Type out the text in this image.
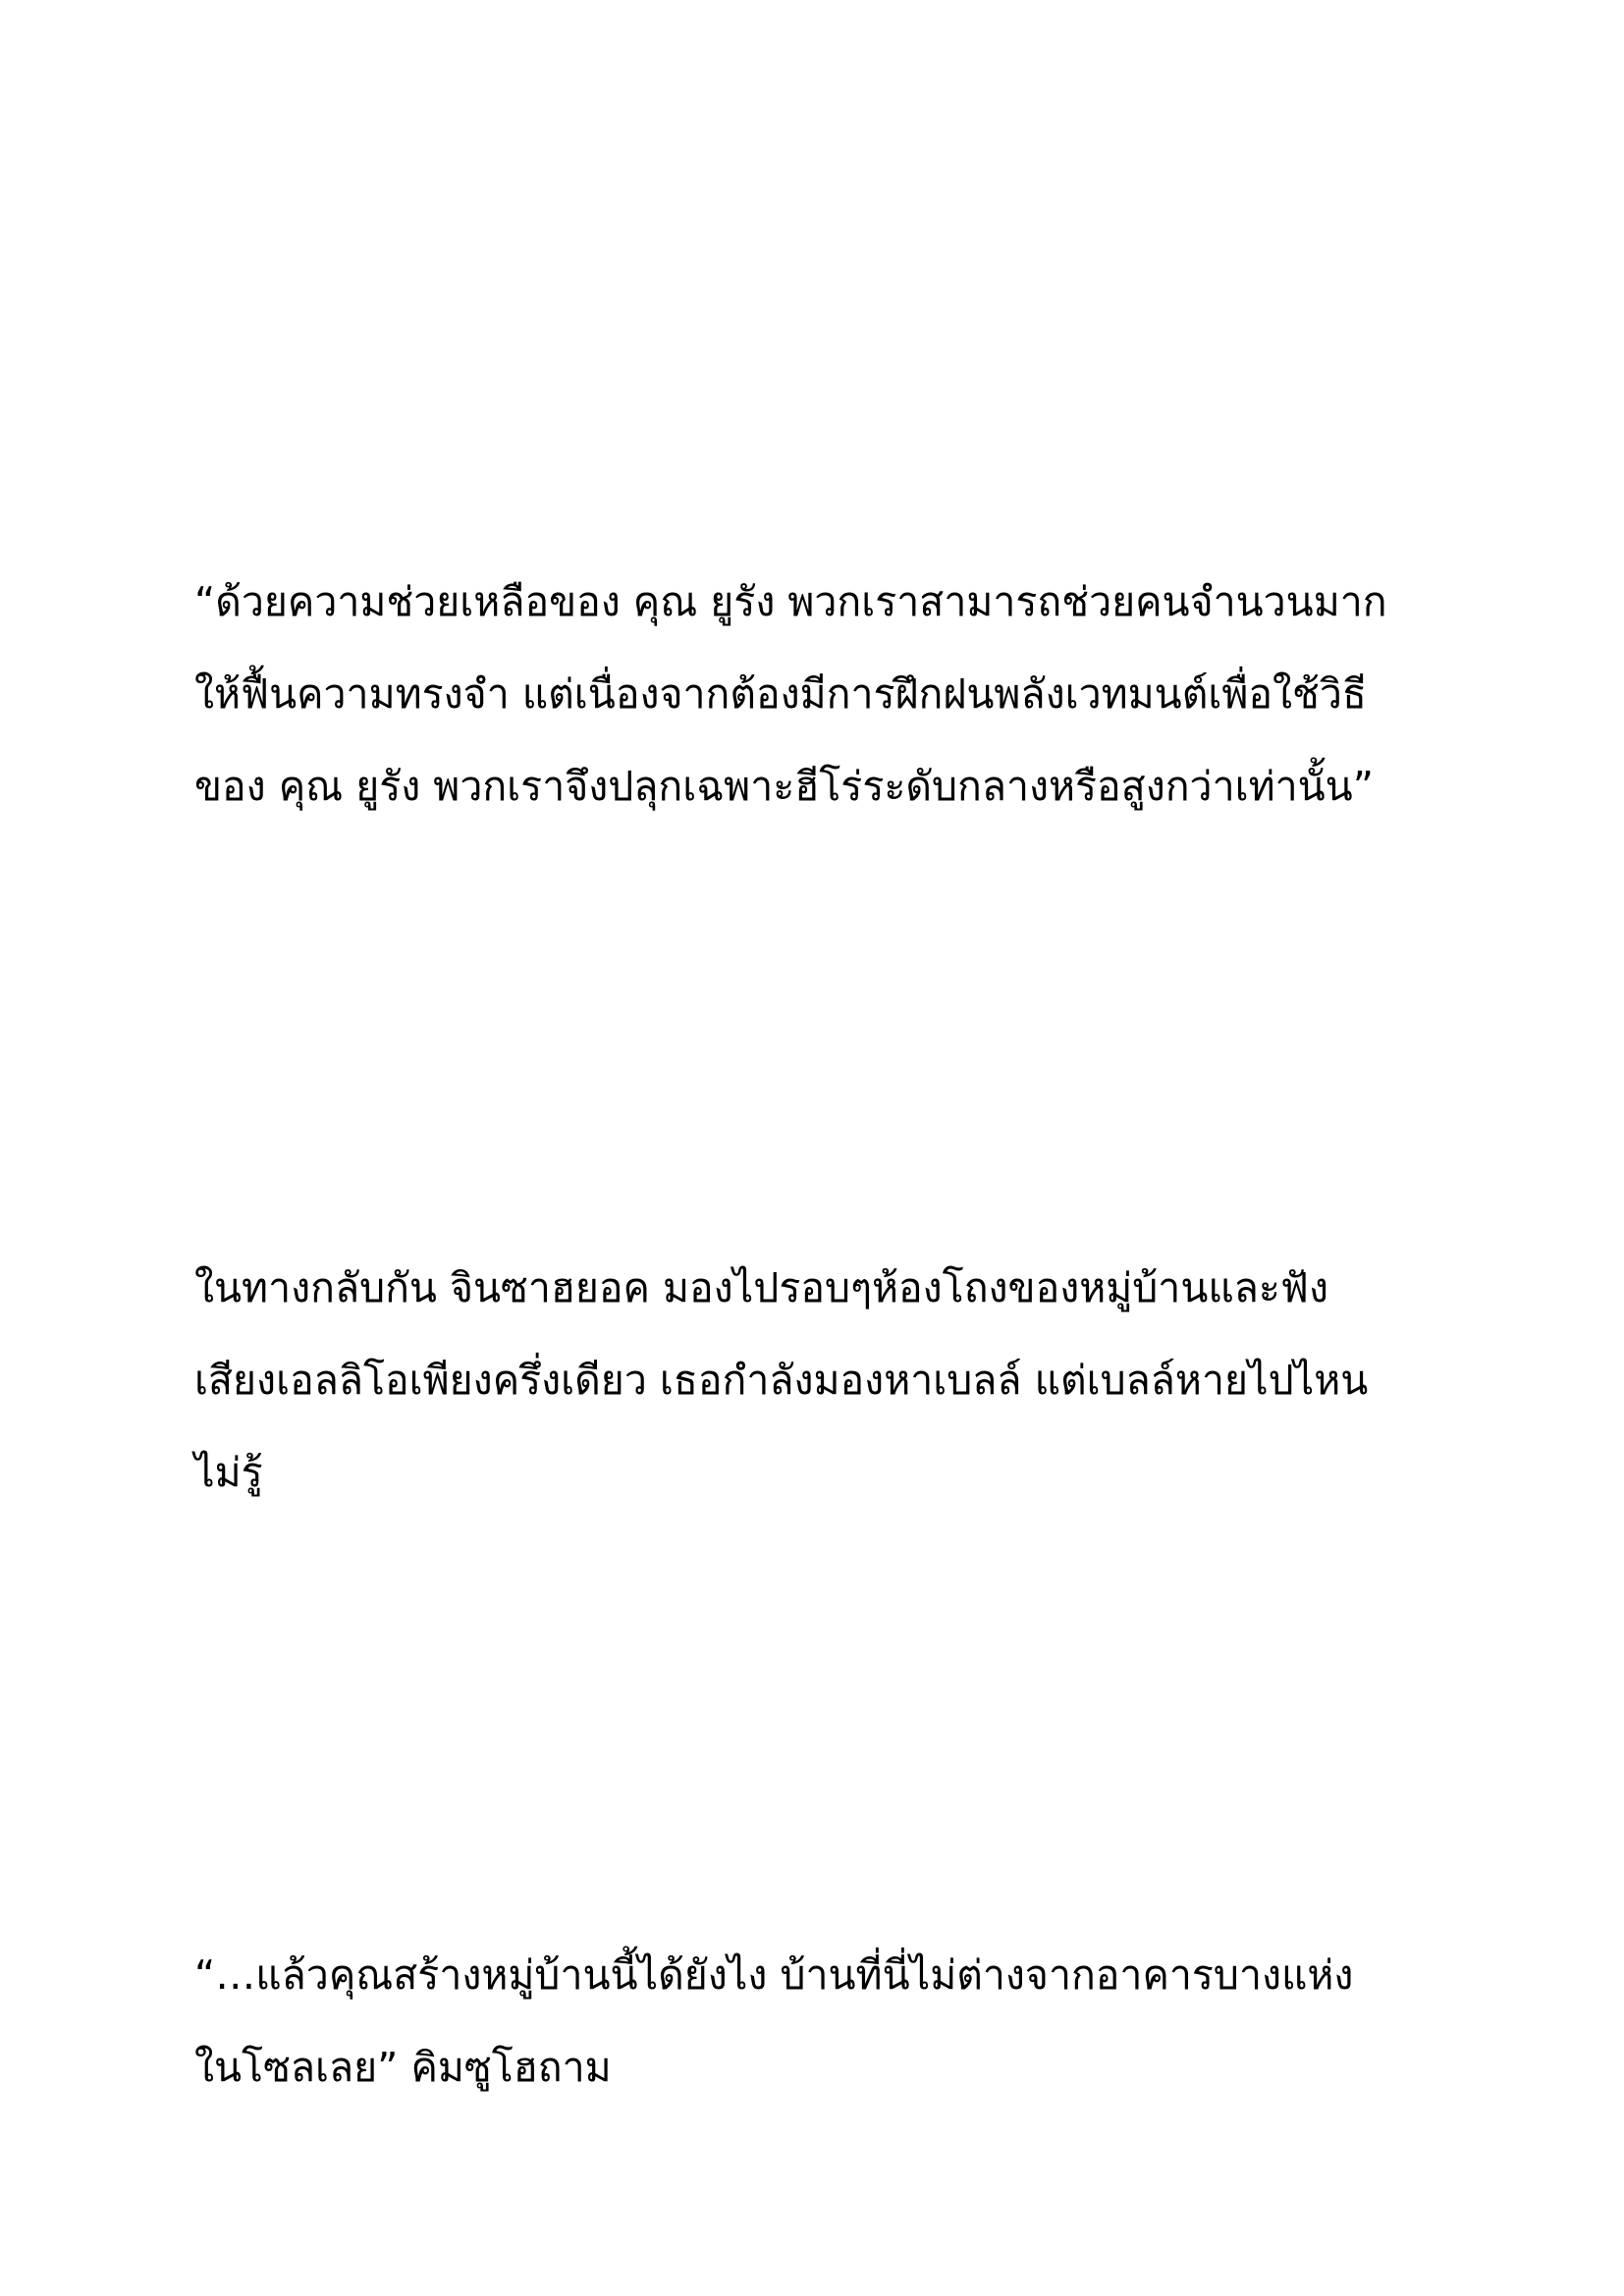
“ด้วยความช่วยเหลือของ คุณ ยูรัง พวกเราสามารถช่วยคนจำนวนมาก
ให้ฟื้นความทรงจำ แต่เนื่องจากต้องมีการฝึกฝนพลังเวทมนต์เพื่อใช้วิธี
ของ คุณ ยูรัง พวกเราจึงปลุกเฉพาะฮีโร่ระดับกลางหรือสูงกว่าเท่านั้น”
ในทางกลับกัน จินซาฮยอค มองไปรอบๆห้องโถงของหมู่บ้านและฟัง
เสียงเอลลิโอเพียงครึ่งเดียว เธอกำลังมองหาเบลล์ แต่เบลล์หายไปไหน
ไม่รู้
“…แล้วคุณสร้างหมู่บ้านนี้ได้ยังไง บ้านที่นี่ไม่ต่างจากอาคารบางแห่ง
ในโซลเลย” คิมซูโฮถาม
